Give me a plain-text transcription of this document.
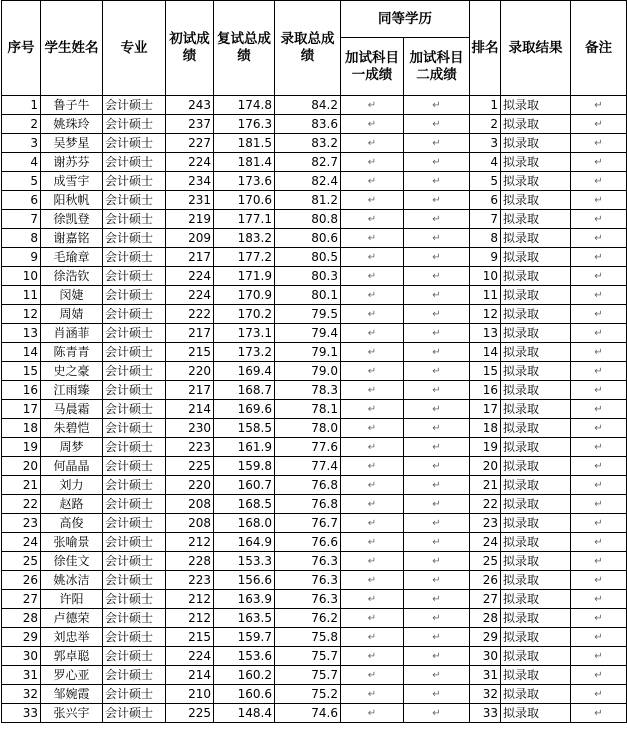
序号	学生姓名	专业	初试成绩	复试总成绩	录取总成绩	同等学历		排名	录取结果	备注
						加试科目一成绩	加试科目二成绩			
1	鲁子牛	会计硕士	243	174.8	84.2	↵	↵	1	拟录取	↵
2	姚珠玲	会计硕士	237	176.3	83.6	↵	↵	2	拟录取	↵
3	吴梦星	会计硕士	227	181.5	83.2	↵	↵	3	拟录取	↵
4	谢苏芬	会计硕士	224	181.4	82.7	↵	↵	4	拟录取	↵
5	成雪宇	会计硕士	234	173.6	82.4	↵	↵	5	拟录取	↵
6	阳秋帆	会计硕士	231	170.6	81.2	↵	↵	6	拟录取	↵
7	徐凯登	会计硕士	219	177.1	80.8	↵	↵	7	拟录取	↵
8	谢嘉铭	会计硕士	209	183.2	80.6	↵	↵	8	拟录取	↵
9	毛瑜章	会计硕士	217	177.2	80.5	↵	↵	9	拟录取	↵
10	徐浩钦	会计硕士	224	171.9	80.3	↵	↵	10	拟录取	↵
11	闵婕	会计硕士	224	170.9	80.1	↵	↵	11	拟录取	↵
12	周婧	会计硕士	222	170.2	79.5	↵	↵	12	拟录取	↵
13	肖涵菲	会计硕士	217	173.1	79.4	↵	↵	13	拟录取	↵
14	陈青青	会计硕士	215	173.2	79.1	↵	↵	14	拟录取	↵
15	史之豪	会计硕士	220	169.4	79.0	↵	↵	15	拟录取	↵
16	江雨臻	会计硕士	217	168.7	78.3	↵	↵	16	拟录取	↵
17	马晨霜	会计硕士	214	169.6	78.1	↵	↵	17	拟录取	↵
18	朱碧恺	会计硕士	230	158.5	78.0	↵	↵	18	拟录取	↵
19	周梦	会计硕士	223	161.9	77.6	↵	↵	19	拟录取	↵
20	何晶晶	会计硕士	225	159.8	77.4	↵	↵	20	拟录取	↵
21	刘力	会计硕士	220	160.7	76.8	↵	↵	21	拟录取	↵
22	赵路	会计硕士	208	168.5	76.8	↵	↵	22	拟录取	↵
23	高俊	会计硕士	208	168.0	76.7	↵	↵	23	拟录取	↵
24	张喻景	会计硕士	212	164.9	76.6	↵	↵	24	拟录取	↵
25	徐佳文	会计硕士	228	153.3	76.3	↵	↵	25	拟录取	↵
26	姚冰洁	会计硕士	223	156.6	76.3	↵	↵	26	拟录取	↵
27	许阳	会计硕士	212	163.9	76.3	↵	↵	27	拟录取	↵
28	卢德荣	会计硕士	212	163.5	76.2	↵	↵	28	拟录取	↵
29	刘忠举	会计硕士	215	159.7	75.8	↵	↵	29	拟录取	↵
30	郭卓聪	会计硕士	224	153.6	75.7	↵	↵	30	拟录取	↵
31	罗心亚	会计硕士	214	160.2	75.7	↵	↵	31	拟录取	↵
32	邹婉霞	会计硕士	210	160.6	75.2	↵	↵	32	拟录取	↵
33	张兴宇	会计硕士	225	148.4	74.6	↵	↵	33	拟录取	↵
